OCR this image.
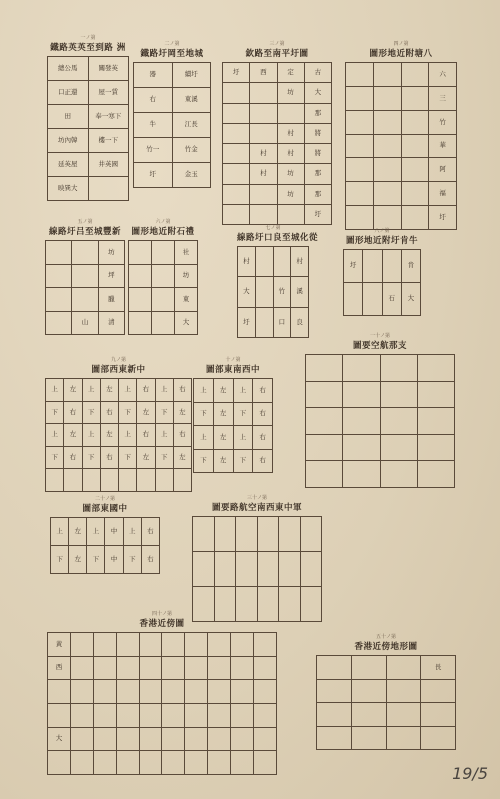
一ノ第
鐵路英英至到路 洲
總公馬	關發英
口正還	屋一賃
田	奉一寒下
坊內韓	樓一下
延英屋	井英國
映巽大	
二ノ第
鐵路圩岡至地城
器	續圩
右	東溪
牛	江長
竹一	竹金
圩	金玉
三ノ第
欽路至南平圩圖
圩	西	定	古
		坊	大
			那
		村	將
	村	村	將
	村	坊	那
		坊	那
			圩
四ノ第
圖形地近附塘八
			六
			三
			竹
			華
			阿
			福
			圩
五ノ第
線路圩吕至城豐新
		坊
		坪
		臘
	山	清
六ノ第
圖形地近附石禮
		社
		坊
		東
		大
七ノ第
線路圩口良至城化從
村			村
大		竹	溪
圩		口	良
八ノ第
圖形地近附圩肯牛
圩			肯
		石	大
九ノ第
圖部西東新中
上	左	上	左	上	右	上	右
下	右	下	右	下	左	下	左
上	左	上	左	上	右	上	右
下	右	下	右	下	左	下	左

十ノ第
圖部東南西中
上	左	上	右
下	左	下	右
上	左	上	右
下	左	下	右
一十ノ第
圖要空航那支

二十ノ第
圖部東國中
上	左	上	中	上	右
下	左	下	中	下	右
三十ノ第
圖要路航空南西東中軍

四十ノ第
香港近傍圖
黃									
西									

大									

五十ノ第
香港近傍地形圖
			長

19/5
